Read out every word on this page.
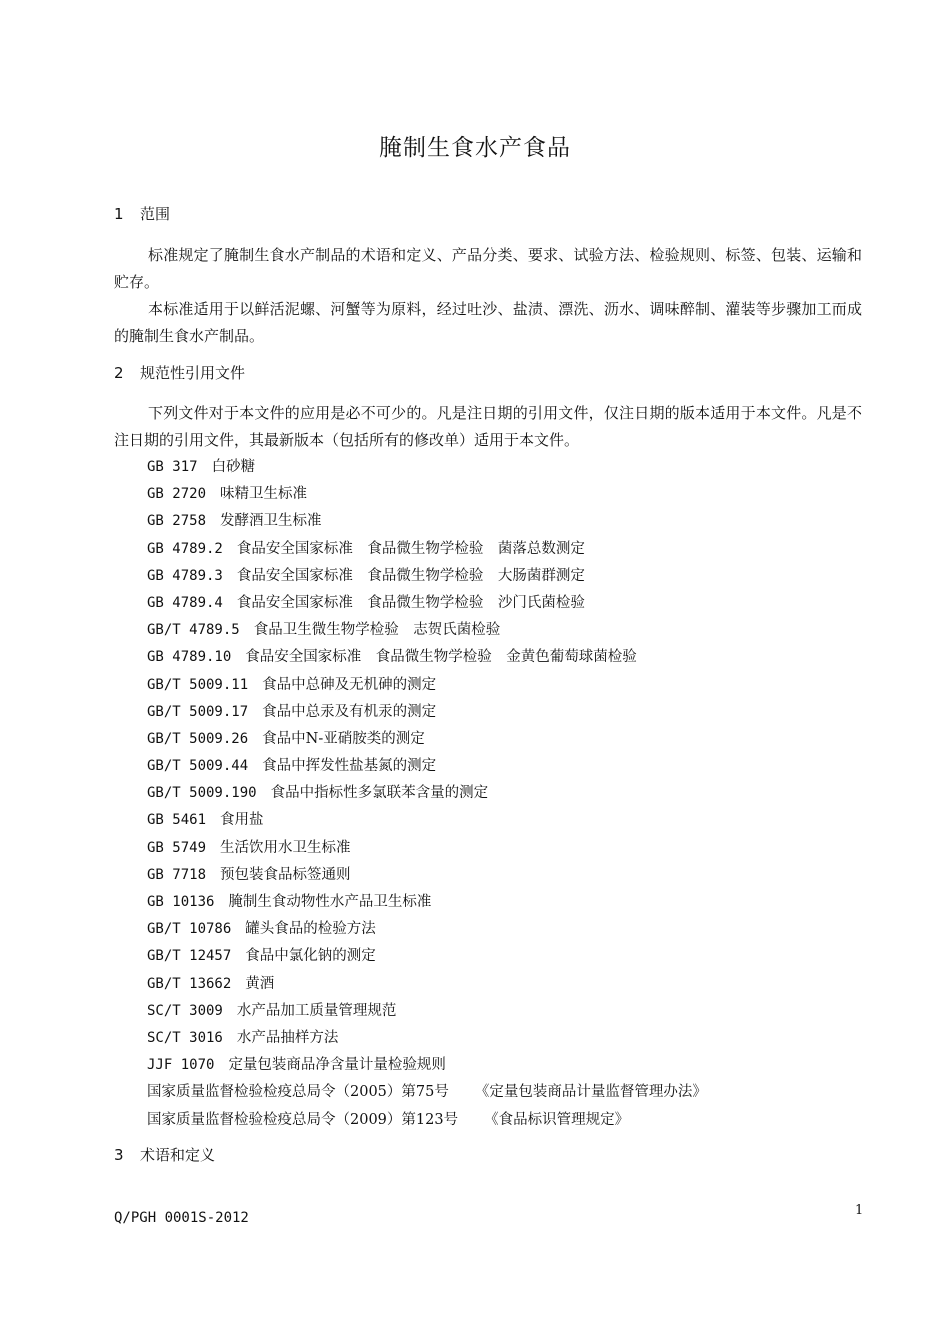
腌制生食水产食品
1 范围

标准规定了腌制生食水产制品的术语和定义、产品分类、要求、试验方法、检验规则、标签、包装、运输和贮存。

本标准适用于以鲜活泥螺、河蟹等为原料，经过吐沙、盐渍、漂洗、沥水、调味醉制、灌装等步骤加工而成的腌制生食水产制品。

2 规范性引用文件

下列文件对于本文件的应用是必不可少的。凡是注日期的引用文件，仅注日期的版本适用于本文件。凡是不注日期的引用文件，其最新版本（包括所有的修改单）适用于本文件。

GB 317 白砂糖
GB 2720 味精卫生标准
GB 2758 发酵酒卫生标准
GB 4789.2 食品安全国家标准　食品微生物学检验　菌落总数测定
GB 4789.3 食品安全国家标准　食品微生物学检验　大肠菌群测定
GB 4789.4 食品安全国家标准　食品微生物学检验　沙门氏菌检验
GB/T 4789.5 食品卫生微生物学检验　志贺氏菌检验
GB 4789.10 食品安全国家标准　食品微生物学检验　金黄色葡萄球菌检验
GB/T 5009.11 食品中总砷及无机砷的测定
GB/T 5009.17 食品中总汞及有机汞的测定
GB/T 5009.26 食品中N-亚硝胺类的测定
GB/T 5009.44 食品中挥发性盐基氮的测定
GB/T 5009.190 食品中指标性多氯联苯含量的测定
GB 5461 食用盐
GB 5749 生活饮用水卫生标准
GB 7718 预包装食品标签通则
GB 10136 腌制生食动物性水产品卫生标准
GB/T 10786 罐头食品的检验方法
GB/T 12457 食品中氯化钠的测定
GB/T 13662 黄酒
SC/T 3009 水产品加工质量管理规范
SC/T 3016 水产品抽样方法
JJF 1070 定量包装商品净含量计量检验规则
国家质量监督检验检疫总局令（2005）第75号 《定量包装商品计量监督管理办法》
国家质量监督检验检疫总局令（2009）第123号 《食品标识管理规定》
3 术语和定义
Q/PGH 0001S-2012	1
